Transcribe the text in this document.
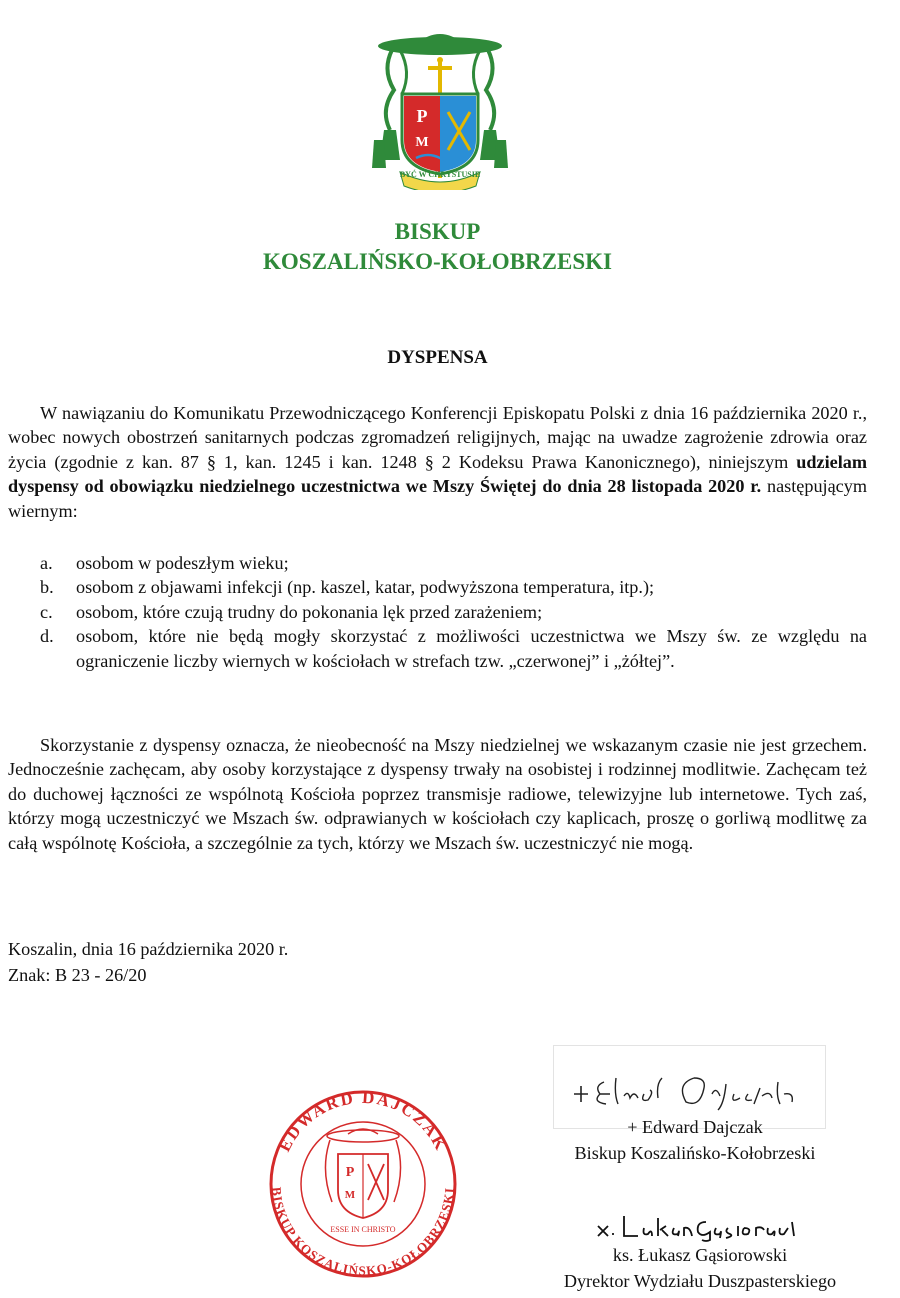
P
M
BYĆ W CHRYSTUSIE
BISKUP
KOSZALIŃSKO-KOŁOBRZESKI
DYSPENSA

W nawiązaniu do Komunikatu Przewodniczącego Konferencji Episkopatu Polski z dnia 16 października 2020 r., wobec nowych obostrzeń sanitarnych podczas zgromadzeń religijnych, mając na uwadze zagrożenie zdrowia oraz życia (zgodnie z kan. 87 § 1, kan. 1245 i kan. 1248 § 2 Kodeksu Prawa Kanonicznego), niniejszym udzielam dyspensy od obowiązku niedzielnego uczestnictwa we Mszy Świętej do dnia 28 listopada 2020 r. następującym wiernym:

a. osobom w podeszłym wieku;
b. osobom z objawami infekcji (np. kaszel, katar, podwyższona temperatura, itp.);
c. osobom, które czują trudny do pokonania lęk przed zarażeniem;
d. osobom, które nie będą mogły skorzystać z możliwości uczestnictwa we Mszy św. ze względu na ograniczenie liczby wiernych w kościołach w strefach tzw. „czerwonej” i „żółtej”.

Skorzystanie z dyspensy oznacza, że nieobecność na Mszy niedzielnej we wskazanym czasie nie jest grzechem. Jednocześnie zachęcam, aby osoby korzystające z dyspensy trwały na osobistej i rodzinnej modlitwie. Zachęcam też do duchowej łączności ze wspólnotą Kościoła poprzez transmisje radiowe, telewizyjne lub internetowe. Tych zaś, którzy mogą uczestniczyć we Mszach św. odprawianych w kościołach czy kaplicach, proszę o gorliwą modlitwę za całą wspólnotę Kościoła, a szczególnie za tych, którzy we Mszach św. uczestniczyć nie mogą.

Koszalin, dnia 16 października 2020 r.
Znak: B 23 - 26/20
+ Edward Dajczak
Biskup Koszalińsko-Kołobrzeski
ks. Łukasz Gąsiorowski
Dyrektor Wydziału Duszpasterskiego
EDWARD DAJCZAK
BISKUP KOSZALIŃSKO-KOŁOBRZESKI
P
M
ESSE IN CHRISTO
